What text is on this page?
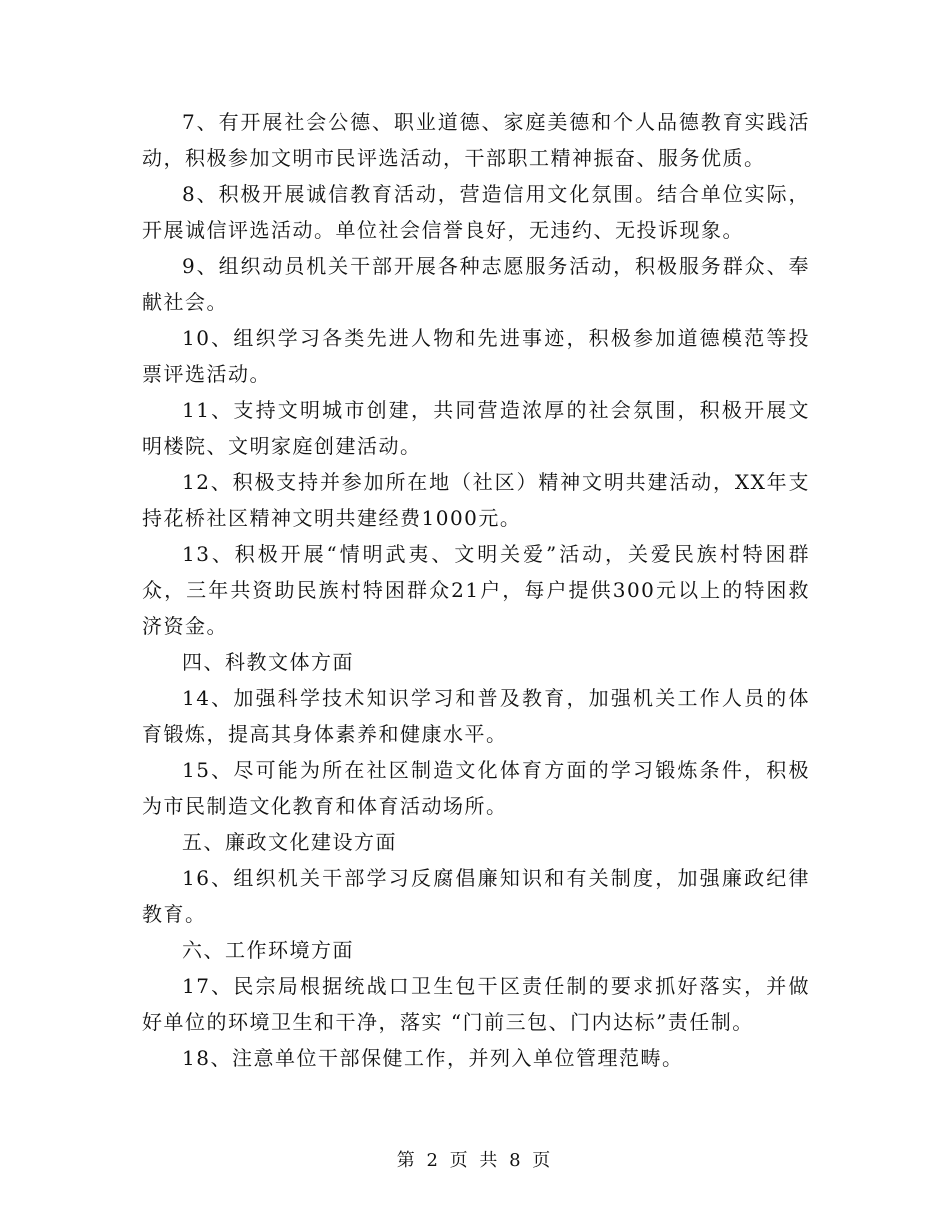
7、有开展社会公德、职业道德、家庭美德和个人品德教育实践活动，积极参加文明市民评选活动，干部职工精神振奋、服务优质。

8、积极开展诚信教育活动，营造信用文化氛围。结合单位实际，开展诚信评选活动。单位社会信誉良好，无违约、无投诉现象。

9、组织动员机关干部开展各种志愿服务活动，积极服务群众、奉献社会。

10、组织学习各类先进人物和先进事迹，积极参加道德模范等投票评选活动。

11、支持文明城市创建，共同营造浓厚的社会氛围，积极开展文明楼院、文明家庭创建活动。

12、积极支持并参加所在地（社区）精神文明共建活动，XX年支持花桥社区精神文明共建经费1000元。

13、积极开展“情明武夷、文明关爱”活动，关爱民族村特困群众，三年共资助民族村特困群众21户，每户提供300元以上的特困救济资金。

四、科教文体方面

14、加强科学技术知识学习和普及教育，加强机关工作人员的体育锻炼，提高其身体素养和健康水平。

15、尽可能为所在社区制造文化体育方面的学习锻炼条件，积极为市民制造文化教育和体育活动场所。

五、廉政文化建设方面

16、组织机关干部学习反腐倡廉知识和有关制度，加强廉政纪律教育。

六、工作环境方面

17、民宗局根据统战口卫生包干区责任制的要求抓好落实，并做好单位的环境卫生和干净，落实 “门前三包、门内达标”责任制。

18、注意单位干部保健工作，并列入单位管理范畴。

第 2 页 共 8 页
